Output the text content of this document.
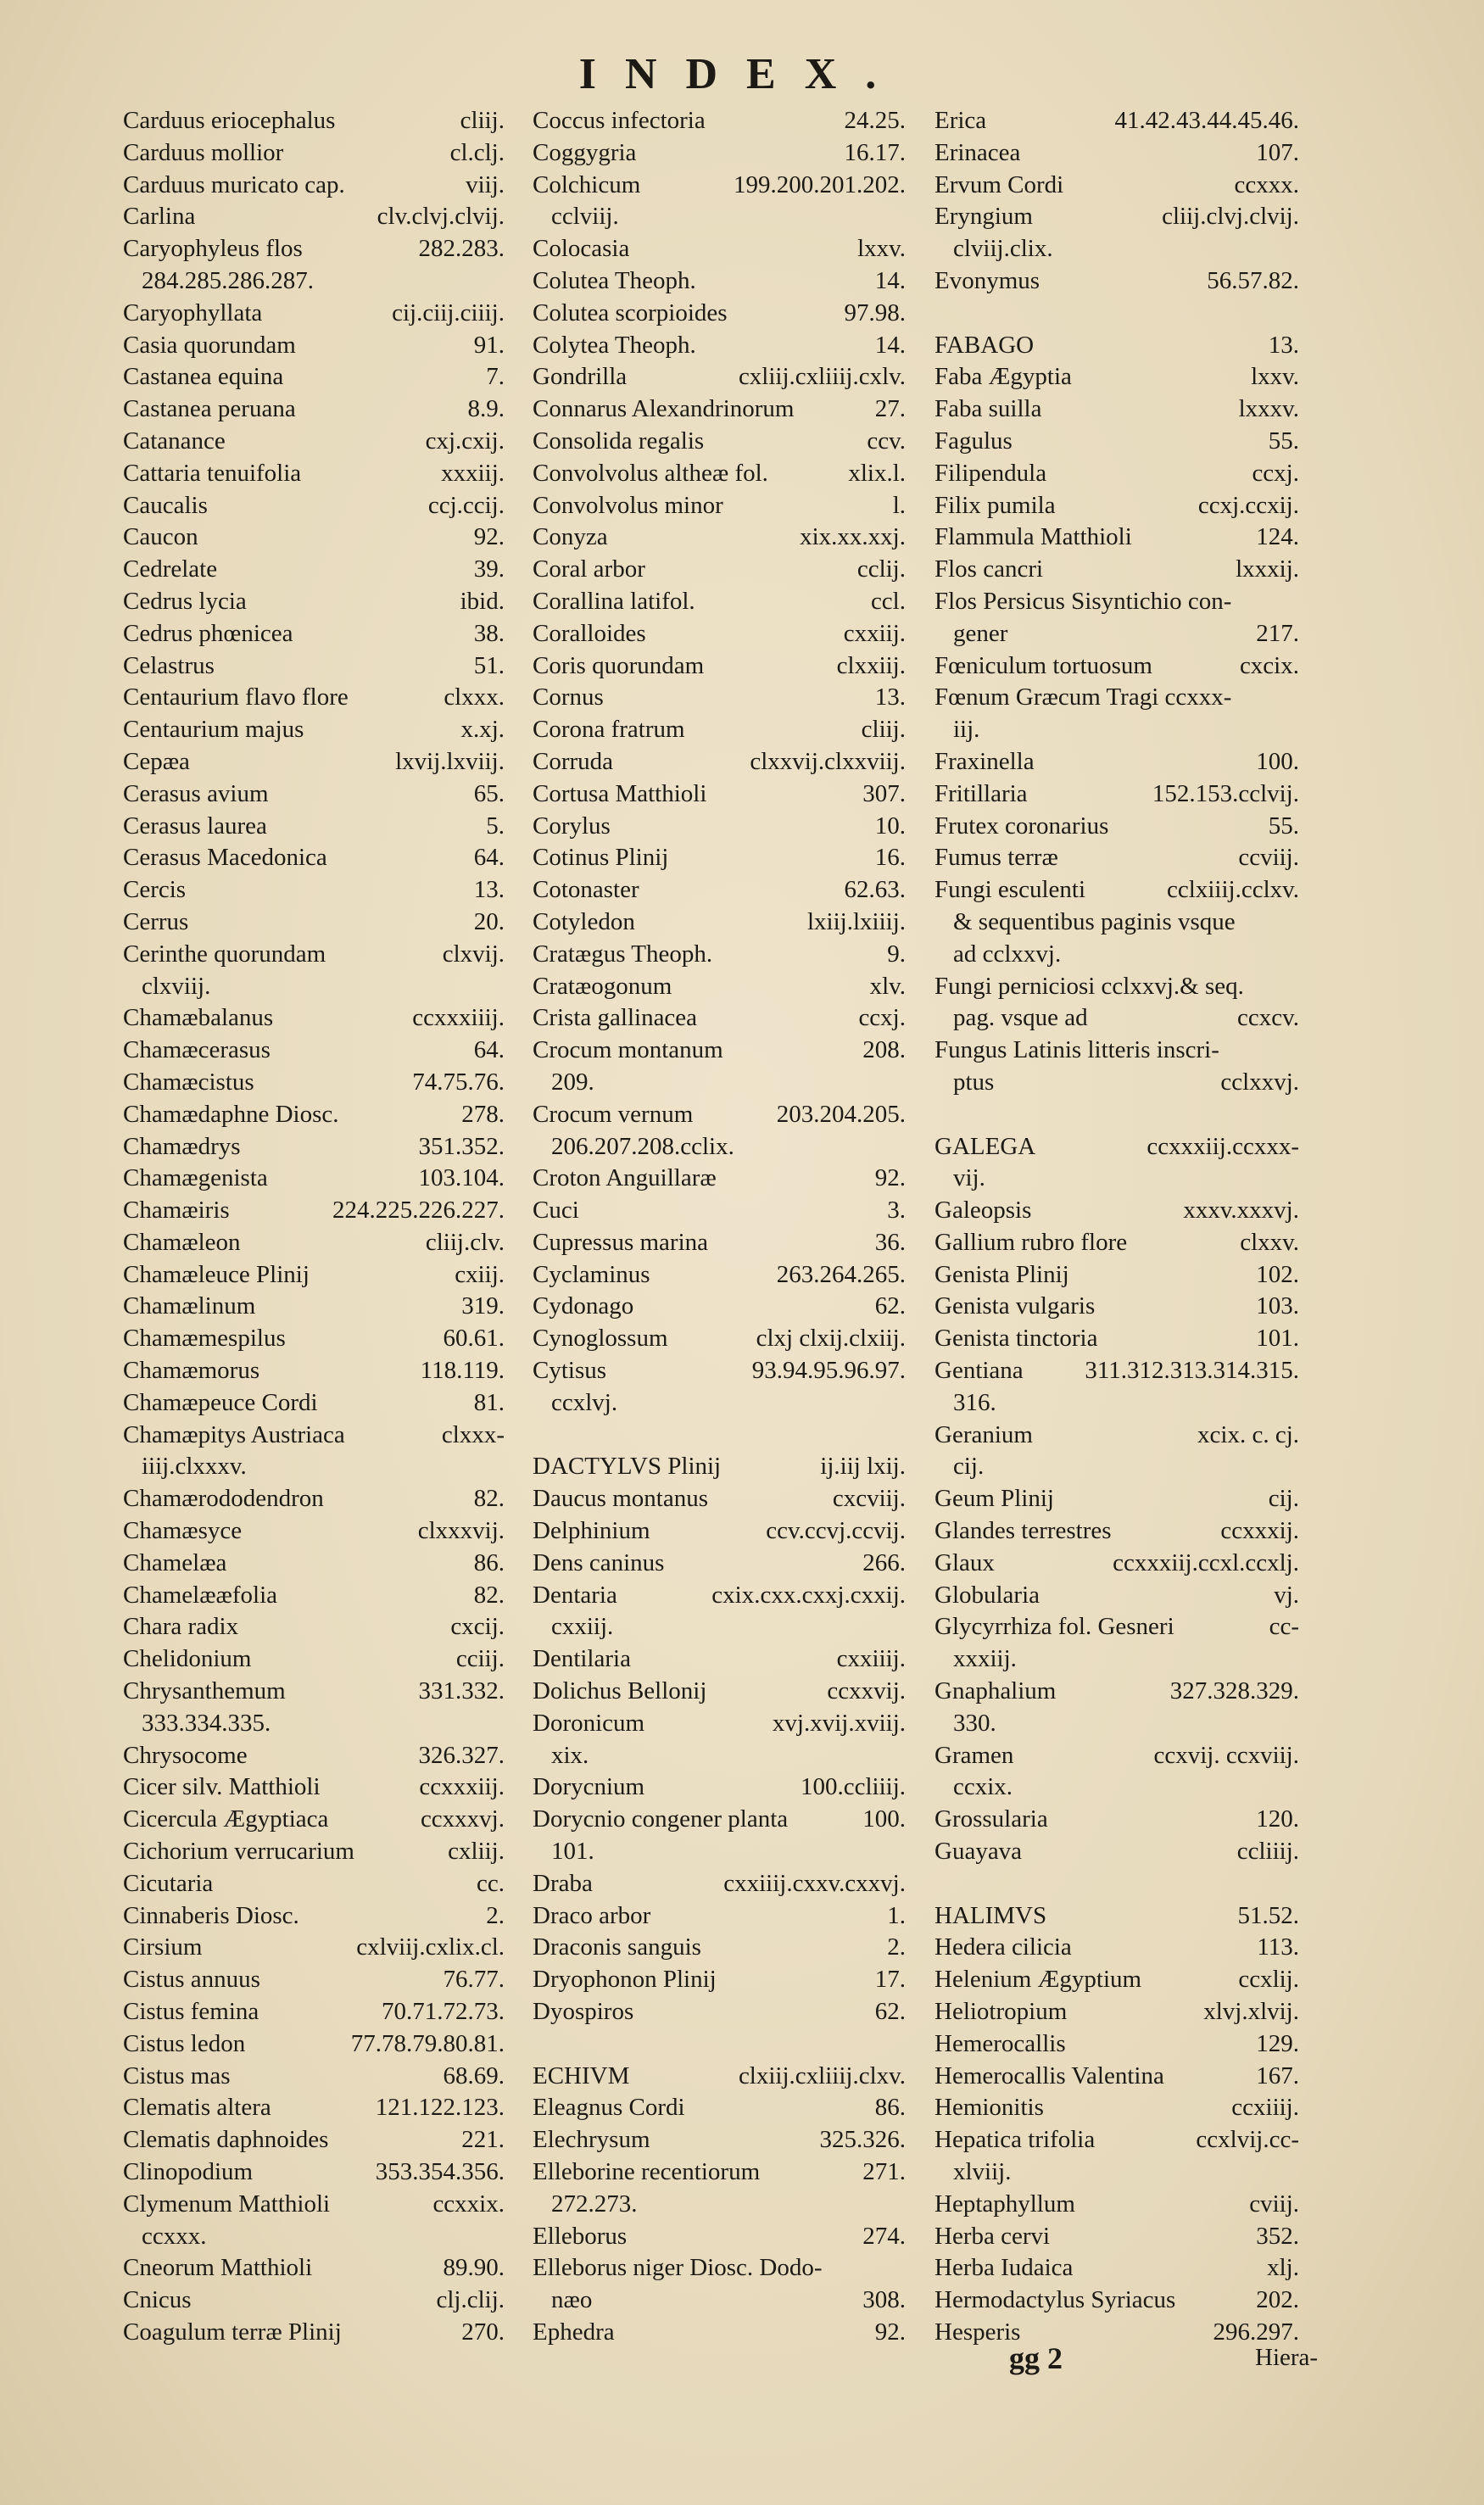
INDEX.
cliij.
Carduus eriocephalus
cl.clj.
Carduus mollior
viij.
Carduus muricato cap.
clv.clvj.clvij.
Carlina
282.283.
Caryophyleus flos
284.285.286.287.
cij.ciij.ciiij.
Caryophyllata
91.
Casia quorundam
7.
Castanea equina
8.9.
Castanea peruana
cxj.cxij.
Catanance
xxxiij.
Cattaria tenuifolia
ccj.ccij.
Caucalis
92.
Caucon
39.
Cedrelate
ibid.
Cedrus lycia
38.
Cedrus phœnicea
51.
Celastrus
clxxx.
Centaurium flavo flore
x.xj.
Centaurium majus
lxvij.lxviij.
Cepæa
65.
Cerasus avium
5.
Cerasus laurea
64.
Cerasus Macedonica
13.
Cercis
20.
Cerrus
clxvij.
Cerinthe quorundam
clxviij.
ccxxxiiij.
Chamæbalanus
64.
Chamæcerasus
74.75.76.
Chamæcistus
278.
Chamædaphne Diosc.
351.352.
Chamædrys
103.104.
Chamægenista
224.225.226.227.
Chamæiris
cliij.clv.
Chamæleon
cxiij.
Chamæleuce Plinij
319.
Chamælinum
60.61.
Chamæmespilus
118.119.
Chamæmorus
81.
Chamæpeuce Cordi
clxxx-
Chamæpitys Austriaca
iiij.clxxxv.
82.
Chamærododendron
clxxxvij.
Chamæsyce
86.
Chamelæa
82.
Chamelææfolia
cxcij.
Chara radix
cciij.
Chelidonium
331.332.
Chrysanthemum
333.334.335.
326.327.
Chrysocome
ccxxxiij.
Cicer silv. Matthioli
ccxxxvj.
Cicercula Ægyptiaca
cxliij.
Cichorium verrucarium
cc.
Cicutaria
2.
Cinnaberis Diosc.
cxlviij.cxlix.cl.
Cirsium
76.77.
Cistus annuus
70.71.72.73.
Cistus femina
77.78.79.80.81.
Cistus ledon
68.69.
Cistus mas
121.122.123.
Clematis altera
221.
Clematis daphnoides
353.354.356.
Clinopodium
ccxxix.
Clymenum Matthioli
ccxxx.
89.90.
Cneorum Matthioli
clj.clij.
Cnicus
270.
Coagulum terræ Plinij
24.25.
Coccus infectoria
16.17.
Coggygria
199.200.201.202.
Colchicum
cclviij.
lxxv.
Colocasia
14.
Colutea Theoph.
97.98.
Colutea scorpioides
14.
Colytea Theoph.
cxliij.cxliiij.cxlv.
Gondrilla
27.
Connarus Alexandrinorum
ccv.
Consolida regalis
xlix.l.
Convolvolus altheæ fol.
l.
Convolvolus minor
xix.xx.xxj.
Conyza
cclij.
Coral arbor
ccl.
Corallina latifol.
cxxiij.
Coralloides
clxxiij.
Coris quorundam
13.
Cornus
cliij.
Corona fratrum
clxxvij.clxxviij.
Corruda
307.
Cortusa Matthioli
10.
Corylus
16.
Cotinus Plinij
62.63.
Cotonaster
lxiij.lxiiij.
Cotyledon
9.
Cratægus Theoph.
xlv.
Cratæogonum
ccxj.
Crista gallinacea
208.
Crocum montanum
209.
203.204.205.
Crocum vernum
206.207.208.cclix.
92.
Croton Anguillaræ
3.
Cuci
36.
Cupressus marina
263.264.265.
Cyclaminus
62.
Cydonago
clxj clxij.clxiij.
Cynoglossum
93.94.95.96.97.
Cytisus
ccxlvj.
ij.iij lxij.
DACTYLVS Plinij
cxcviij.
Daucus montanus
ccv.ccvj.ccvij.
Delphinium
266.
Dens caninus
cxix.cxx.cxxj.cxxij.
Dentaria
cxxiij.
cxxiiij.
Dentilaria
ccxxvij.
Dolichus Bellonij
xvj.xvij.xviij.
Doronicum
xix.
100.ccliiij.
Dorycnium
100.
Dorycnio congener planta
101.
cxxiiij.cxxv.cxxvj.
Draba
1.
Draco arbor
2.
Draconis sanguis
17.
Dryophonon Plinij
62.
Dyospiros
clxiij.cxliiij.clxv.
ECHIVM
86.
Eleagnus Cordi
325.326.
Elechrysum
271.
Elleborine recentiorum
272.273.
274.
Elleborus
Elleborus niger Diosc. Dodo-
308.
næo
92.
Ephedra
41.42.43.44.45.46.
Erica
107.
Erinacea
ccxxx.
Ervum Cordi
cliij.clvj.clvij.
Eryngium
clviij.clix.
56.57.82.
Evonymus
13.
FABAGO
lxxv.
Faba Ægyptia
lxxxv.
Faba suilla
55.
Fagulus
ccxj.
Filipendula
ccxj.ccxij.
Filix pumila
124.
Flammula Matthioli
lxxxij.
Flos cancri
Flos Persicus Sisyntichio con-
217.
gener
cxcix.
Fœniculum tortuosum
Fœnum Græcum Tragi ccxxx-
iij.
100.
Fraxinella
152.153.cclvij.
Fritillaria
55.
Frutex coronarius
ccviij.
Fumus terræ
cclxiiij.cclxv.
Fungi esculenti
& sequentibus paginis vsque
ad cclxxvj.
Fungi perniciosi cclxxvj.& seq.
ccxcv.
pag. vsque ad
Fungus Latinis litteris inscri-
cclxxvj.
ptus
ccxxxiij.ccxxx-
GALEGA
vij.
xxxv.xxxvj.
Galeopsis
clxxv.
Gallium rubro flore
102.
Genista Plinij
103.
Genista vulgaris
101.
Genista tinctoria
311.312.313.314.315.
Gentiana
316.
xcix. c. cj.
Geranium
cij.
cij.
Geum Plinij
ccxxxij.
Glandes terrestres
ccxxxiij.ccxl.ccxlj.
Glaux
vj.
Globularia
cc-
Glycyrrhiza fol. Gesneri
xxxiij.
327.328.329.
Gnaphalium
330.
ccxvij. ccxviij.
Gramen
ccxix.
120.
Grossularia
ccliiij.
Guayava
51.52.
HALIMVS
113.
Hedera cilicia
ccxlij.
Helenium Ægyptium
xlvj.xlvij.
Heliotropium
129.
Hemerocallis
167.
Hemerocallis Valentina
ccxiiij.
Hemionitis
ccxlvij.cc-
Hepatica trifolia
xlviij.
cviij.
Heptaphyllum
352.
Herba cervi
xlj.
Herba Iudaica
202.
Hermodactylus Syriacus
296.297.
Hesperis
gg 2	Hiera-
